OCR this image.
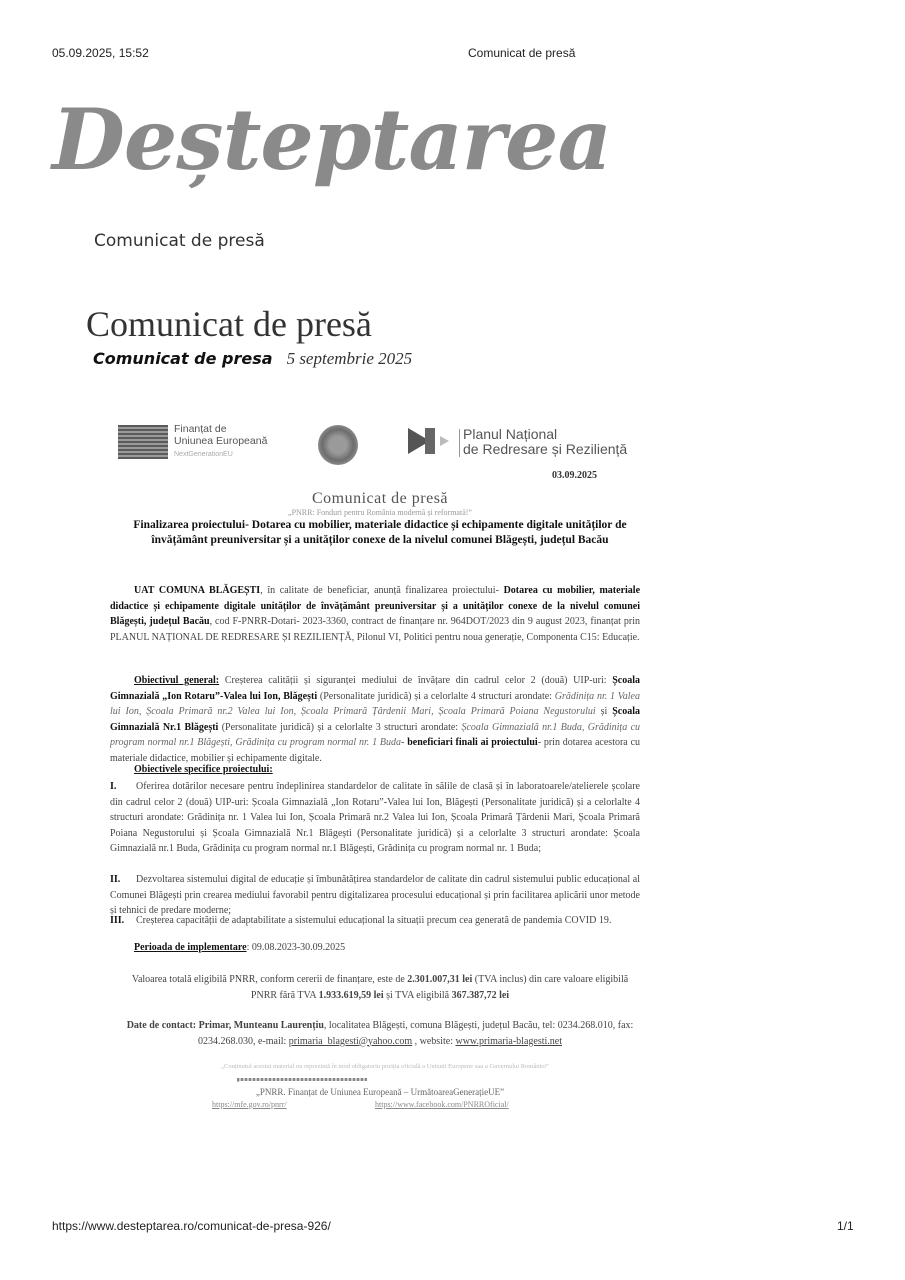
05.09.2025, 15:52	Comunicat de presă
Deșteptarea
Comunicat de presă
Comunicat de presă
Comunicat de presa 5 septembrie 2025
Finanțat de
Uniunea Europeană
NextGenerationEU
Planul Național
de Redresare și Reziliență
03.09.2025
Comunicat de presă
„PNRR: Fonduri pentru România modernă și reformată!”
Finalizarea proiectului- Dotarea cu mobilier, materiale didactice și echipamente digitale unităților de învățământ preuniversitar și a unităților conexe de la nivelul comunei Blăgești, județul Bacău
UAT COMUNA BLĂGEȘTI, în calitate de beneficiar, anunță finalizarea proiectului- Dotarea cu mobilier, materiale didactice și echipamente digitale unităților de învățământ preuniversitar și a unităților conexe de la nivelul comunei Blăgești, județul Bacău, cod F-PNRR-Dotari- 2023-3360, contract de finanțare nr. 964DOT/2023 din 9 august 2023, finanțat prin PLANUL NAȚIONAL DE REDRESARE ȘI REZILIENȚĂ, Pilonul VI, Politici pentru noua generație, Componenta C15: Educație.
Obiectivul general: Creșterea calității și siguranței mediului de învățare din cadrul celor 2 (două) UIP-uri: Școala Gimnazială „Ion Rotaru”-Valea lui Ion, Blăgești (Personalitate juridică) și a celorlalte 4 structuri arondate: Grădinița nr. 1 Valea lui Ion, Școala Primară nr.2 Valea lui Ion, Școala Primară Țârdenii Mari, Școala Primară Poiana Negustorului și Școala Gimnazială Nr.1 Blăgești (Personalitate juridică) și a celorlalte 3 structuri arondate: Școala Gimnazială nr.1 Buda, Grădinița cu program normal nr.1 Blăgești, Grădinița cu program normal nr. 1 Buda- beneficiari finali ai proiectului- prin dotarea acestora cu materiale didactice, mobilier și echipamente digitale.
Obiectivele specifice proiectului:
I. Oferirea dotărilor necesare pentru îndeplinirea standardelor de calitate în sălile de clasă și în laboratoarele/atelierele școlare din cadrul celor 2 (două) UIP-uri: Școala Gimnazială „Ion Rotaru”-Valea lui Ion, Blăgești (Personalitate juridică) și a celorlalte 4 structuri arondate: Grădinița nr. 1 Valea lui Ion, Școala Primară nr.2 Valea lui Ion, Școala Primară Țârdenii Mari, Școala Primară Poiana Negustorului și Școala Gimnazială Nr.1 Blăgești (Personalitate juridică) și a celorlalte 3 structuri arondate: Școala Gimnazială nr.1 Buda, Grădinița cu program normal nr.1 Blăgești, Grădinița cu program normal nr. 1 Buda;
II. Dezvoltarea sistemului digital de educație și îmbunătățirea standardelor de calitate din cadrul sistemului public educațional al Comunei Blăgești prin crearea mediului favorabil pentru digitalizarea procesului educațional și prin facilitarea aplicării unor metode și tehnici de predare moderne;
III. Creșterea capacității de adaptabilitate a sistemului educațional la situații precum cea generată de pandemia COVID 19.
Perioada de implementare: 09.08.2023-30.09.2025
Valoarea totală eligibilă PNRR, conform cererii de finanțare, este de 2.301.007,31 lei (TVA inclus) din care valoare eligibilă PNRR fără TVA 1.933.619,59 lei și TVA eligibilă 367.387,72 lei
Date de contact: Primar, Munteanu Laurențiu, localitatea Blăgești, comuna Blăgești, județul Bacău, tel: 0234.268.010, fax: 0234.268.030, e-mail: primaria_blagesti@yahoo.com , website: www.primaria-blagesti.net
„Conținutul acestui material nu reprezintă în mod obligatoriu poziția oficială a Uniunii Europene sau a Guvernului României”
„PNRR. Finanțat de Uniunea Europeană – UrmătoareaGenerațieUE”
https://mfe.gov.ro/pnrr/	https://www.facebook.com/PNRROficial/
https://www.desteptarea.ro/comunicat-de-presa-926/	1/1
